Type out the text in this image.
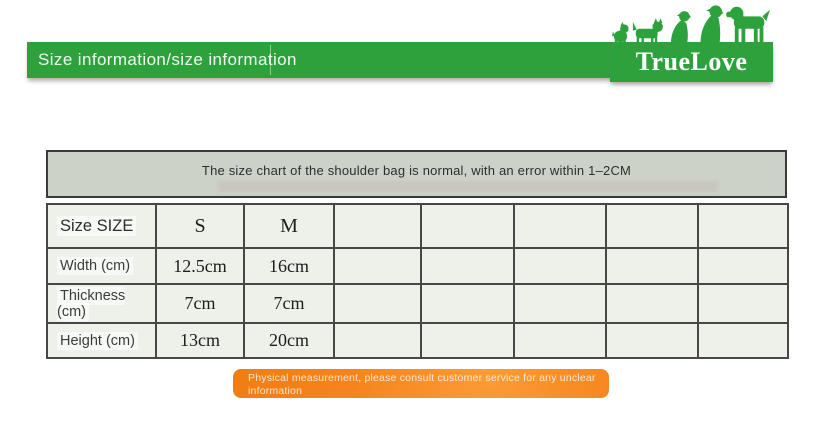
Size information/size information	TrueLove
The size chart of the shoulder bag is normal, with an error within 1–2CM
Size SIZE	S	M					
Width (cm)	12.5cm	16cm					
Thickness (cm)	7cm	7cm					
Height (cm)	13cm	20cm					
Physical measurement, please consult customer service for any unclear information
